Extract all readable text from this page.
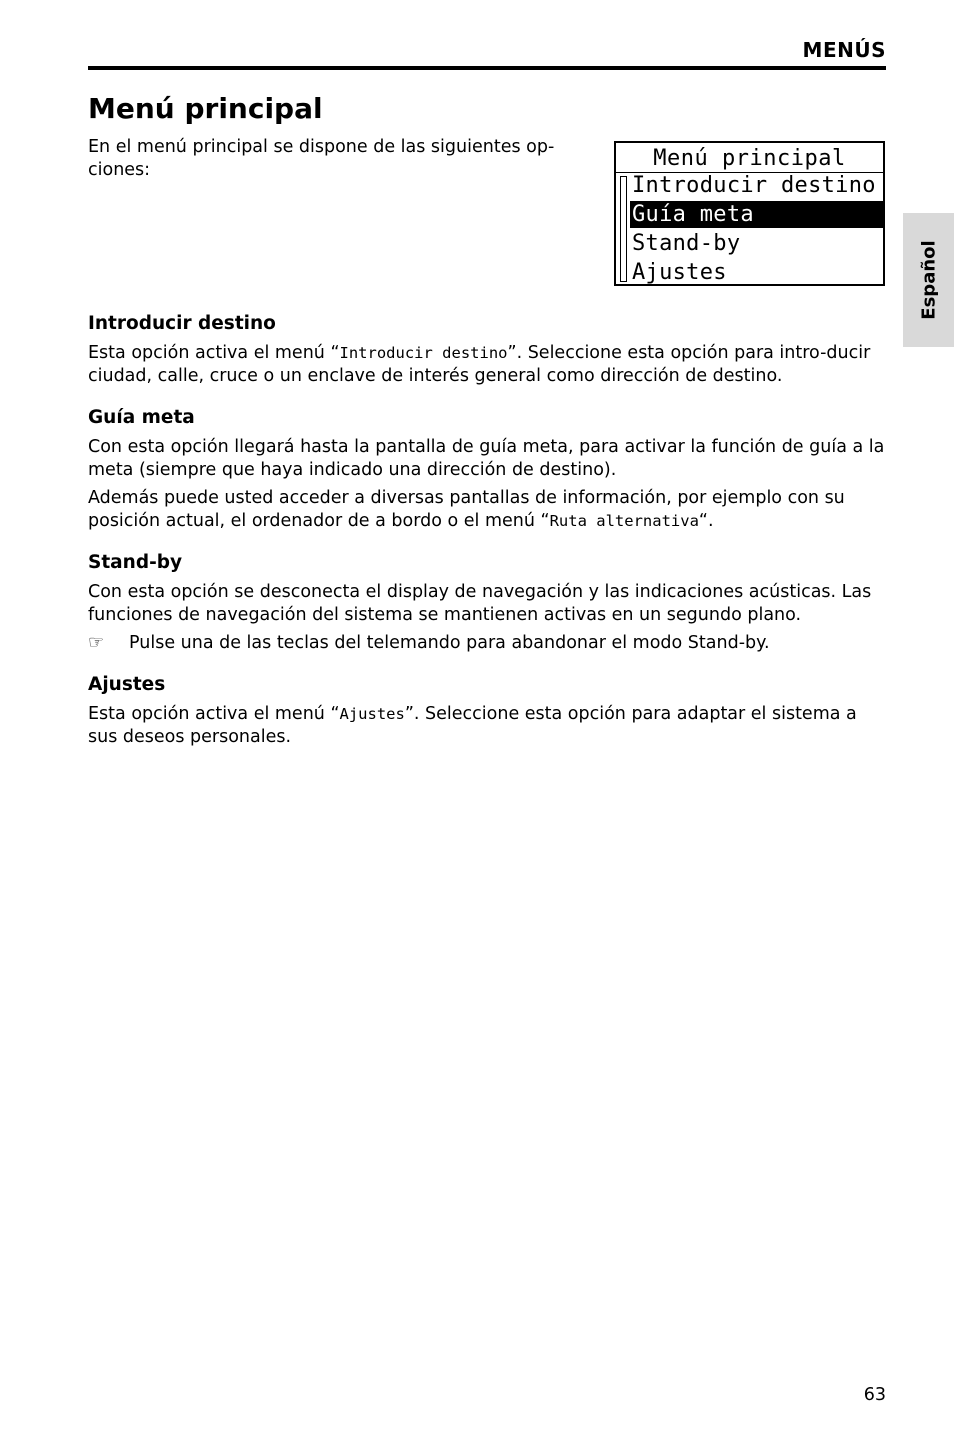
MENÚS
Menú principal

En el menú principal se dispone de las siguientes op-ciones:

Español
Menú principal
Introducir destino
Guía meta
Stand-by
Ajustes
Introducir destino

Esta opción activa el menú “Introducir destino”. Seleccione esta opción para intro-ducir ciudad, calle, cruce o un enclave de interés general como dirección de destino.

Guía meta

Con esta opción llegará hasta la pantalla de guía meta, para activar la función de guía a la meta (siempre que haya indicado una dirección de destino).

Además puede usted acceder a diversas pantallas de información, por ejemplo con su posición actual, el ordenador de a bordo o el menú “Ruta alternativa“.

Stand-by

Con esta opción se desconecta el display de navegación y las indicaciones acústicas. Las funciones de navegación del sistema se mantienen activas en un segundo plano.

☞ Pulse una de las teclas del telemando para abandonar el modo Stand-by.

Ajustes

Esta opción activa el menú “Ajustes”. Seleccione esta opción para adaptar el sistema a sus deseos personales.

63
